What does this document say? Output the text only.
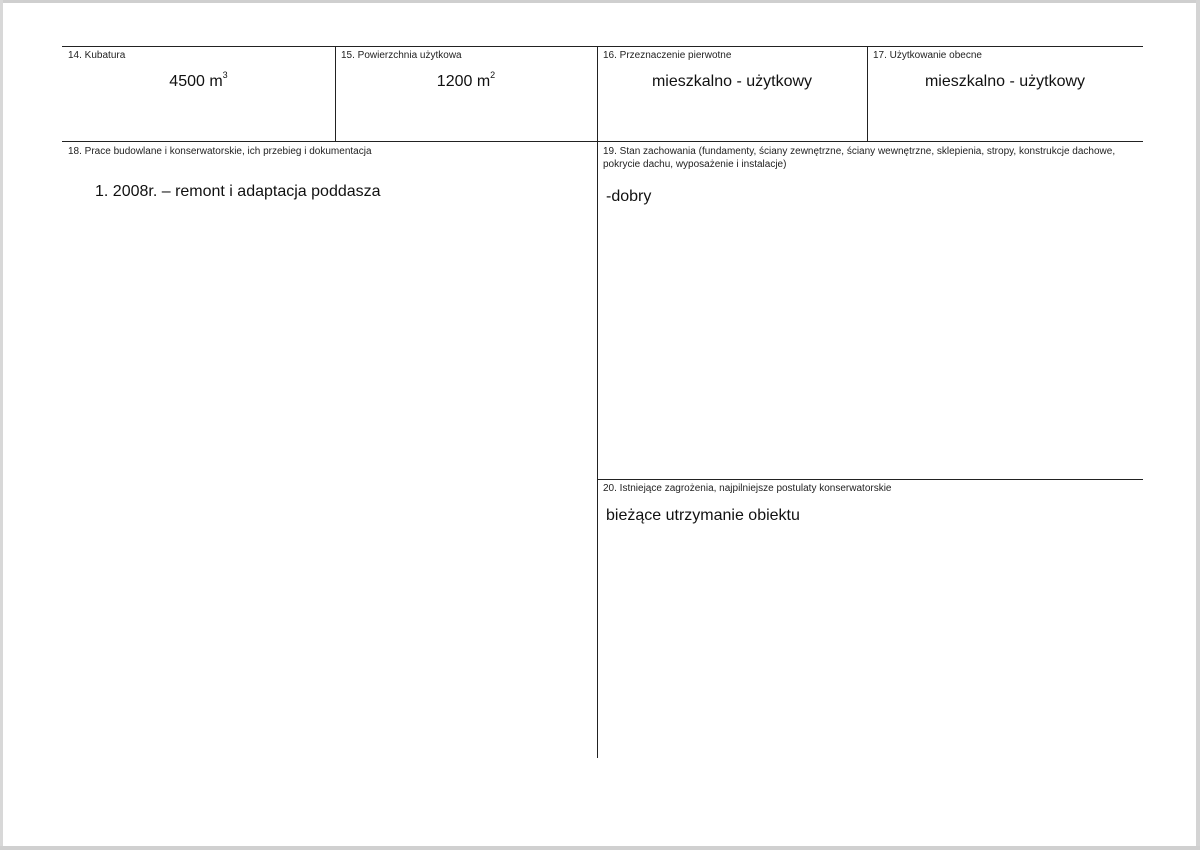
14. Kubatura
4500 $m^3$
15. Powierzchnia użytkowa
1200 $m^2$
16. Przeznaczenie pierwotne
mieszkalno - użytkowy
17. Użytkowanie obecne
mieszkalno - użytkowy
18. Prace budowlane i konserwatorskie, ich przebieg i dokumentacja
1. 2008r. – remont i adaptacja poddasza
19. Stan zachowania (fundamenty, ściany zewnętrzne, ściany wewnętrzne, sklepienia, stropy, konstrukcje dachowe, pokrycie dachu, wyposażenie i instalacje)
-dobry
20. Istniejące zagrożenia, najpilniejsze postulaty konserwatorskie
bieżące utrzymanie obiektu
